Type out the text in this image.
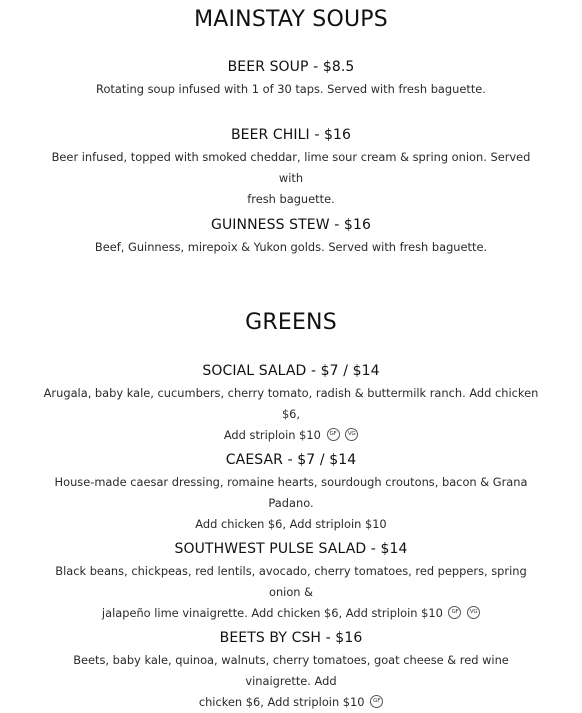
MAINSTAY SOUPS

BEER SOUP - $8.5

Rotating soup infused with 1 of 30 taps. Served with fresh baguette.

BEER CHILI - $16

Beer infused, topped with smoked cheddar, lime sour cream & spring onion. Served with
fresh baguette.

GUINNESS STEW - $16

Beef, Guinness, mirepoix & Yukon golds. Served with fresh baguette.

GREENS

SOCIAL SALAD - $7 / $14

Arugala, baby kale, cucumbers, cherry tomato, radish & buttermilk ranch. Add chicken $6,
Add striploin $10 GF VG

CAESAR - $7 / $14

House-made caesar dressing, romaine hearts, sourdough croutons, bacon & Grana Padano.
Add chicken $6, Add striploin $10

SOUTHWEST PULSE SALAD - $14

Black beans, chickpeas, red lentils, avocado, cherry tomatoes, red peppers, spring onion &
jalapeño lime vinaigrette. Add chicken $6, Add striploin $10 GF VG

BEETS BY CSH - $16

Beets, baby kale, quinoa, walnuts, cherry tomatoes, goat cheese & red wine vinaigrette. Add
chicken $6, Add striploin $10 GF
